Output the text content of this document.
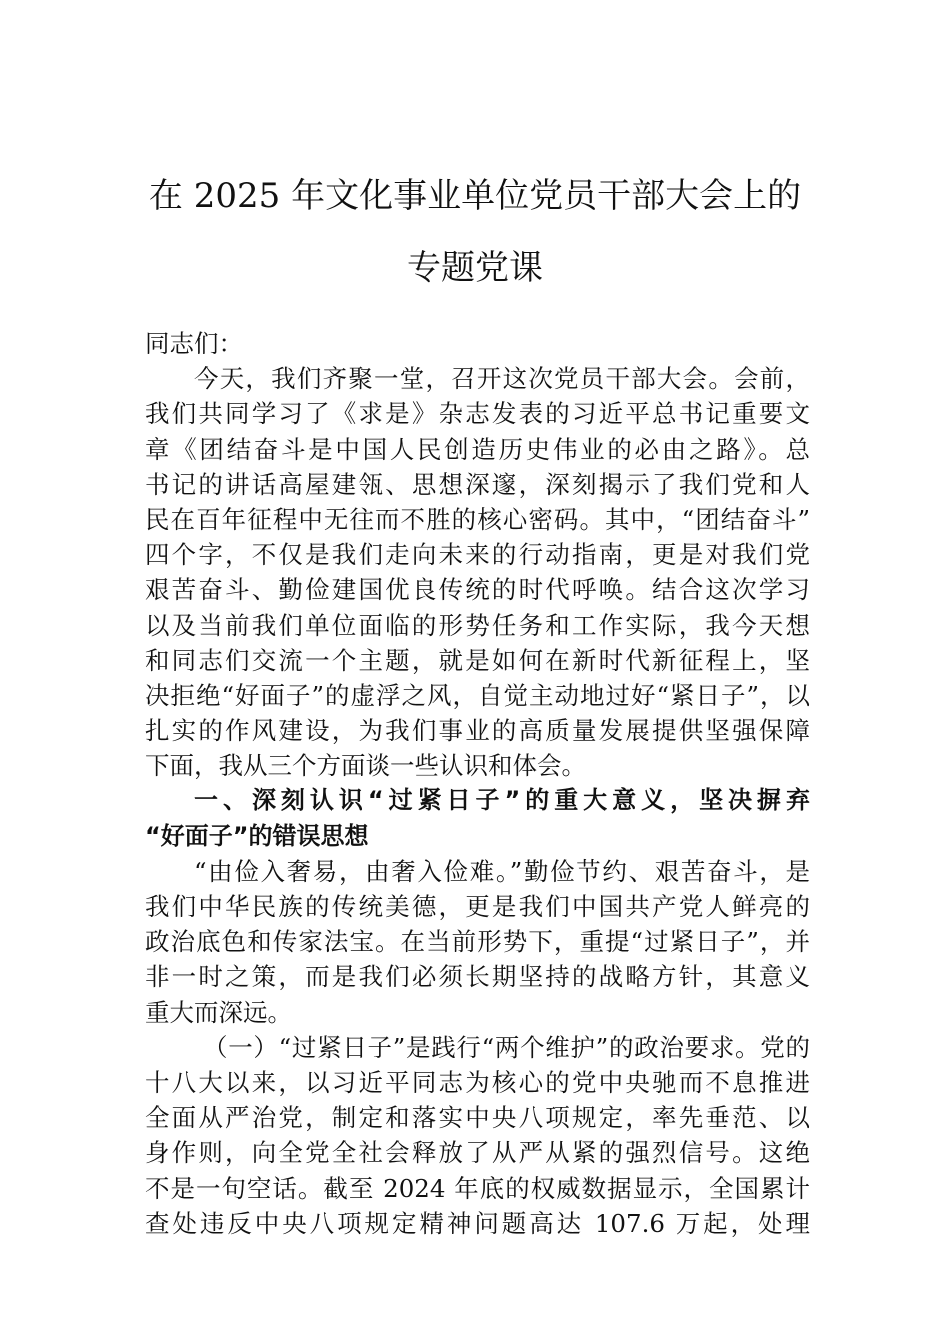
在 2025 年文化事业单位党员干部大会上的

专题党课

同志们：
今天，我们齐聚一堂，召开这次党员干部大会。会前，
我们共同学习了《求是》杂志发表的习近平总书记重要文
章《团结奋斗是中国人民创造历史伟业的必由之路》。总
书记的讲话高屋建瓴、思想深邃，深刻揭示了我们党和人
民在百年征程中无往而不胜的核心密码。其中，“团结奋斗”
四个字，不仅是我们走向未来的行动指南，更是对我们党
艰苦奋斗、勤俭建国优良传统的时代呼唤。结合这次学习
以及当前我们单位面临的形势任务和工作实际，我今天想
和同志们交流一个主题，就是如何在新时代新征程上，坚
决拒绝“好面子”的虚浮之风，自觉主动地过好“紧日子”，以
扎实的作风建设，为我们事业的高质量发展提供坚强保障
下面，我从三个方面谈一些认识和体会。
一、深刻认识“过紧日子”的重大意义，坚决摒弃
“好面子”的错误思想
“由俭入奢易，由奢入俭难。”勤俭节约、艰苦奋斗，是
我们中华民族的传统美德，更是我们中国共产党人鲜亮的
政治底色和传家法宝。在当前形势下，重提“过紧日子”，并
非一时之策，而是我们必须长期坚持的战略方针，其意义
重大而深远。
（一）“过紧日子”是践行“两个维护”的政治要求。党的
十八大以来，以习近平同志为核心的党中央驰而不息推进
全面从严治党，制定和落实中央八项规定，率先垂范、以
身作则，向全党全社会释放了从严从紧的强烈信号。这绝
不是一句空话。截至 2024 年底的权威数据显示，全国累计
查处违反中央八项规定精神问题高达 107.6 万起，处理
